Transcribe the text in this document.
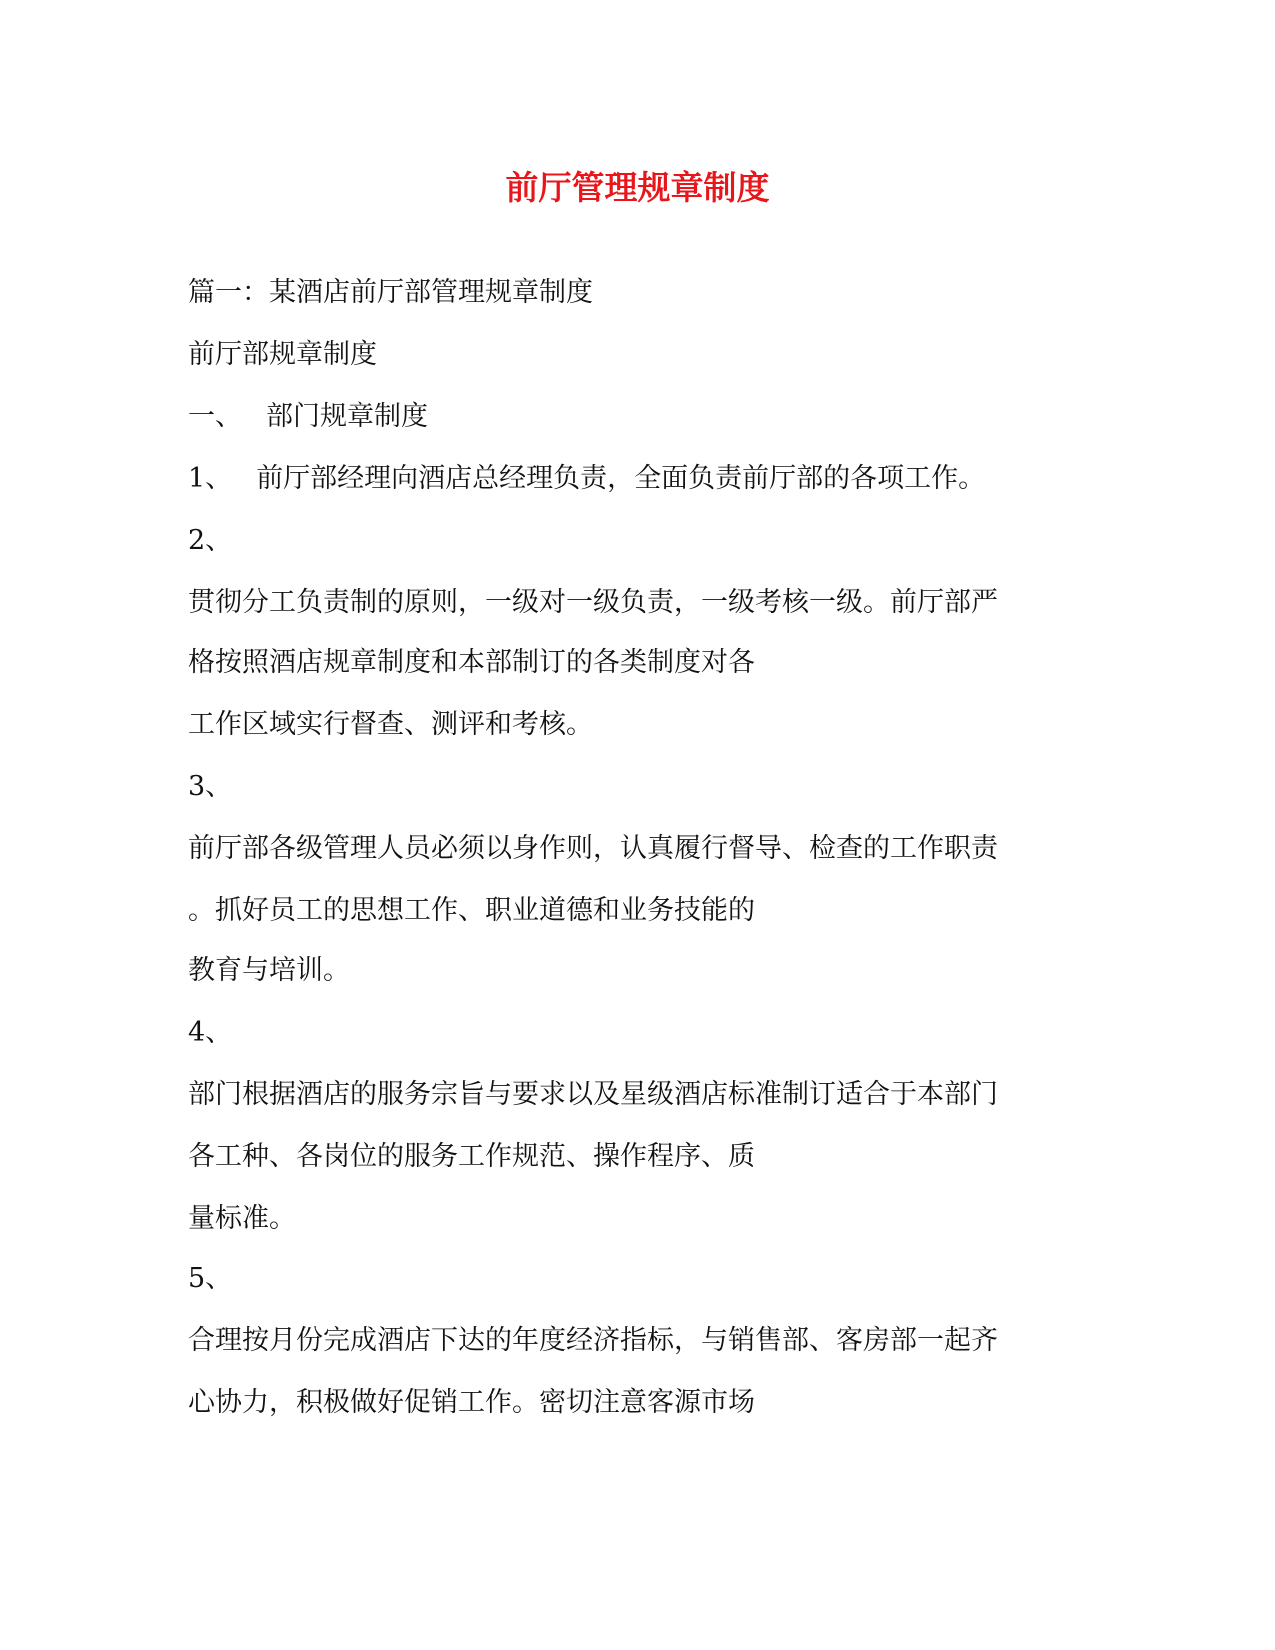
前厅管理规章制度

篇一：某酒店前厅部管理规章制度

前厅部规章制度

一、 部门规章制度

1、 前厅部经理向酒店总经理负责，全面负责前厅部的各项工作。

2、

贯彻分工负责制的原则，一级对一级负责，一级考核一级。前厅部严

格按照酒店规章制度和本部制订的各类制度对各

工作区域实行督查、测评和考核。

3、

前厅部各级管理人员必须以身作则，认真履行督导、检查的工作职责

。抓好员工的思想工作、职业道德和业务技能的

教育与培训。

4、

部门根据酒店的服务宗旨与要求以及星级酒店标准制订适合于本部门

各工种、各岗位的服务工作规范、操作程序、质

量标准。

5、

合理按月份完成酒店下达的年度经济指标，与销售部、客房部一起齐

心协力，积极做好促销工作。密切注意客源市场
